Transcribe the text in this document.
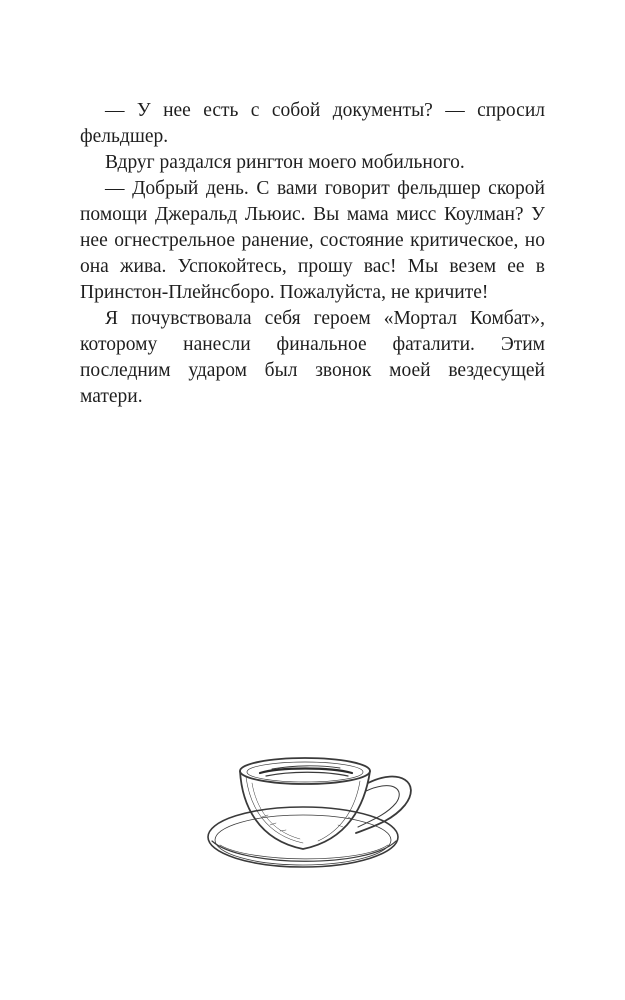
— У нее есть с собой документы? — спросил фельдшер.

Вдруг раздался рингтон моего мобильного.

— Добрый день. С вами говорит фельдшер скорой помощи Джеральд Льюис. Вы мама мисс Коулман? У нее огнестрельное ранение, состояние критическое, но она жива. Успокойтесь, прошу вас! Мы везем ее в Принстон-Плейнсборо. Пожалуйста, не кричите!

Я почувствовала себя героем «Мортал Комбат», которому нанесли финальное фаталити. Этим последним ударом был звонок моей вездесущей матери.
